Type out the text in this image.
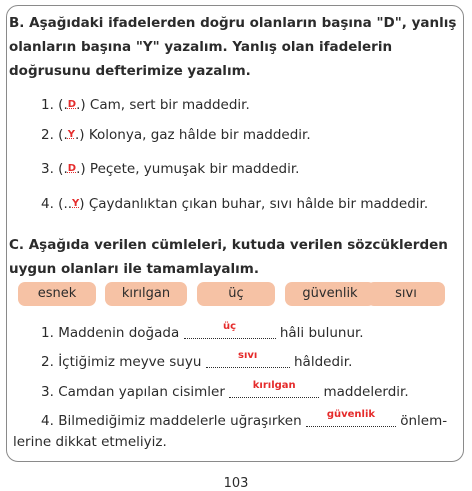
B. Aşağıdaki ifadelerden doğru olanların başına "D", yanlış olanların başına "Y" yazalım. Yanlış olan ifadelerin doğrusunu defterimize yazalım.
1. (.D.) Cam, sert bir maddedir.
2. (.Y.) Kolonya, gaz hâlde bir maddedir.
3. (.D.) Peçete, yumuşak bir maddedir.
4. (..Y) Çaydanlıktan çıkan buhar, sıvı hâlde bir maddedir.
C. Aşağıda verilen cümleleri, kutuda verilen sözcüklerden uygun olanları ile tamamlayalım.
esnek	kırılgan	üç	güvenlik	sıvı
1. Maddenin doğada	üç	hâli bulunur.
2. İçtiğimiz meyve suyu	sıvı	hâldedir.
3. Camdan yapılan cisimler	kırılgan	maddelerdir.
4. Bilmediğimiz maddelerle uğraşırken	güvenlik	önlem-
lerine dikkat etmeliyiz.
103
